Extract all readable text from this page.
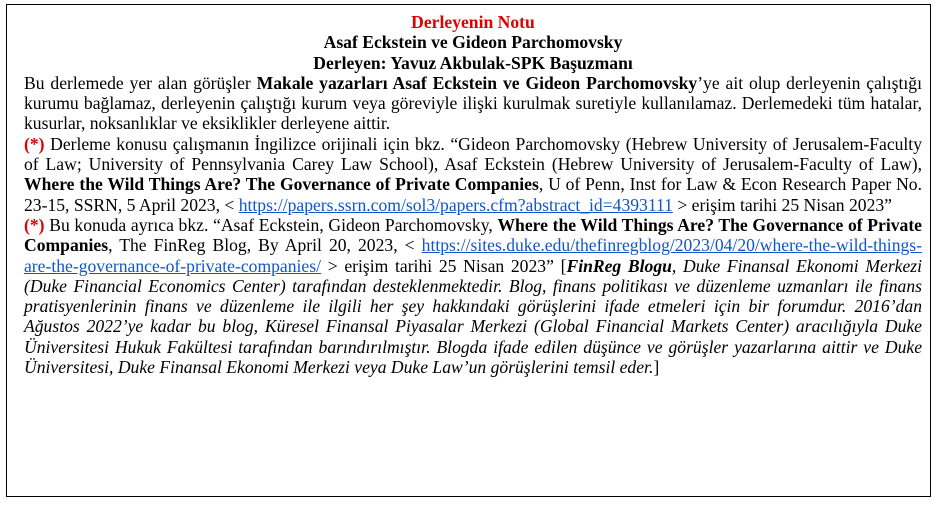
Derleyenin Notu
Asaf Eckstein ve Gideon Parchomovsky
Derleyen: Yavuz Akbulak-SPK Başuzmanı

Bu derlemede yer alan görüşler Makale yazarları Asaf Eckstein ve Gideon Parchomovsky’ye ait olup derleyenin çalıştığı kurumu bağlamaz, derleyenin çalıştığı kurum veya göreviyle ilişki kurulmak suretiyle kullanılamaz. Derlemedeki tüm hatalar, kusurlar, noksanlıklar ve eksiklikler derleyene aittir.

(*) Derleme konusu çalışmanın İngilizce orijinali için bkz. “Gideon Parchomovsky (Hebrew University of Jerusalem-Faculty of Law; University of Pennsylvania Carey Law School), Asaf Eckstein (Hebrew University of Jerusalem-Faculty of Law), Where the Wild Things Are? The Governance of Private Companies, U of Penn, Inst for Law & Econ Research Paper No. 23-15, SSRN, 5 April 2023, < https://papers.ssrn.com/sol3/papers.cfm?abstract_id=4393111 > erişim tarihi 25 Nisan 2023”

(*) Bu konuda ayrıca bkz. “Asaf Eckstein, Gideon Parchomovsky, Where the Wild Things Are? The Governance of Private Companies, The FinReg Blog, By April 20, 2023, < https://sites.duke.edu/thefinregblog/2023/04/20/where-the-wild-things-are-the-governance-of-private-companies/ > erişim tarihi 25 Nisan 2023” [FinReg Blogu, Duke Finansal Ekonomi Merkezi (Duke Financial Economics Center) tarafından desteklenmektedir. Blog, finans politikası ve düzenleme uzmanları ile finans pratisyenlerinin finans ve düzenleme ile ilgili her şey hakkındaki görüşlerini ifade etmeleri için bir forumdur. 2016’dan Ağustos 2022’ye kadar bu blog, Küresel Finansal Piyasalar Merkezi (Global Financial Markets Center) aracılığıyla Duke Üniversitesi Hukuk Fakültesi tarafından barındırılmıştır. Blogda ifade edilen düşünce ve görüşler yazarlarına aittir ve Duke Üniversitesi, Duke Finansal Ekonomi Merkezi veya Duke Law’un görüşlerini temsil eder.]
